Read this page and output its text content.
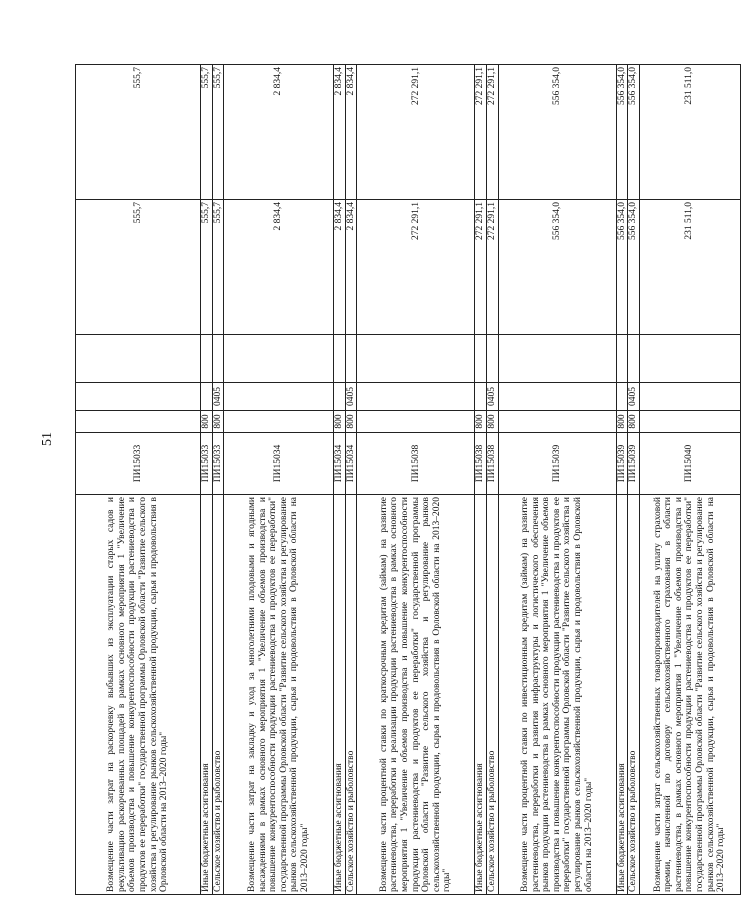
51
Возмещение части затрат на раскорчевку выбывших из эксплуатации старых садов и рекультивацию раскорчеванных площадей в рамках основного мероприятия 1 "Увеличение объемов производства и повышение конкурентоспособности продукции растениеводства и продуктов ее переработки" государственной программы Орловской области "Развитие сельского хозяйства и регулирование рынков сельскохозяйственной продукции, сырья и продовольствия в Орловской области на 2013–2020 годы"	ПИ15033				555,7	555,7
Иные бюджетные ассигнования	ПИ15033	800			555,7	555,7
Сельское хозяйство и рыболовство	ПИ15033	800	0405		555,7	555,7
Возмещение части затрат на закладку и уход за многолетними плодовыми и ягодными насаждениями в рамках основного мероприятия 1 "Увеличение объемов производства и повышение конкурентоспособности продукции растениеводства и продуктов ее переработки" государственной программы Орловской области "Развитие сельского хозяйства и регулирование рынков сельскохозяйственной продукции, сырья и продовольствия в Орловской области на 2013–2020 годы"	ПИ15034				2 834,4	2 834,4
Иные бюджетные ассигнования	ПИ15034	800			2 834,4	2 834,4
Сельское хозяйство и рыболовство	ПИ15034	800	0405		2 834,4	2 834,4
Возмещение части процентной ставки по краткосрочным кредитам (займам) на развитие растениеводства, переработки и реализации продукции растениеводства в рамках основного мероприятия 1 "Увеличение объемов производства и повышение конкурентоспособности продукции растениеводства и продуктов ее переработки" государственной программы Орловской области "Развитие сельского хозяйства и регулирование рынков сельскохозяйственной продукции, сырья и продовольствия в Орловской области на 2013–2020 годы"	ПИ15038				272 291,1	272 291,1
Иные бюджетные ассигнования	ПИ15038	800			272 291,1	272 291,1
Сельское хозяйство и рыболовство	ПИ15038	800	0405		272 291,1	272 291,1
Возмещение части процентной ставки по инвестиционным кредитам (займам) на развитие растениеводства, переработки и развития инфраструктуры и логистического обеспечения рынков продукции растениеводства в рамках основного мероприятия 1 "Увеличение объемов производства и повышение конкурентоспособности продукции растениеводства и продуктов ее переработки" государственной программы Орловской области "Развитие сельского хозяйства и регулирование рынков сельскохозяйственной продукции, сырья и продовольствия в Орловской области на 2013–2020 годы"	ПИ15039				556 354,0	556 354,0
Иные бюджетные ассигнования	ПИ15039	800			556 354,0	556 354,0
Сельское хозяйство и рыболовство	ПИ15039	800	0405		556 354,0	556 354,0
Возмещение части затрат сельскохозяйственных товаропроизводителей на уплату страховой премии, начисленной по договору сельскохозяйственного страхования в области растениеводства, в рамках основного мероприятия 1 "Увеличение объемов производства и повышение конкурентоспособности продукции растениеводства и продуктов ее переработки" государственной программы Орловской области "Развитие сельского хозяйства и регулирование рынков сельскохозяйственной продукции, сырья и продовольствия в Орловской области на 2013–2020 годы"	ПИ15040				231 511,0	231 511,0
